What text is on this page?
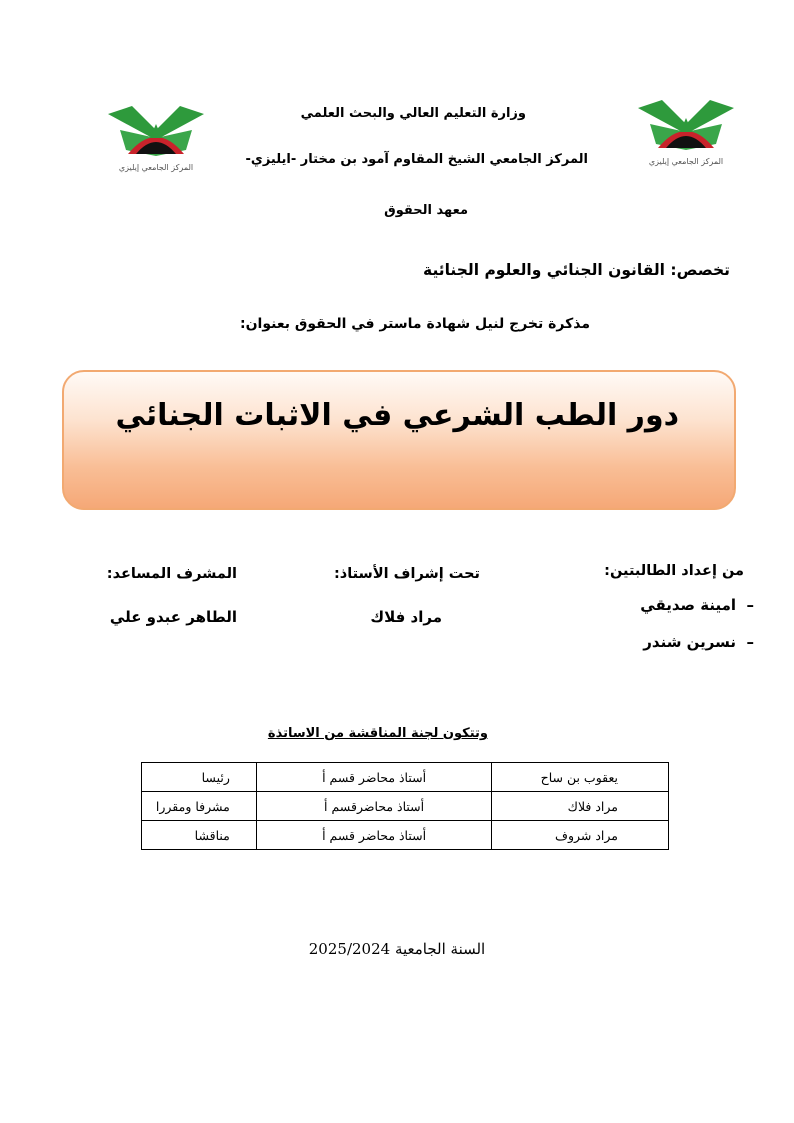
المركز الجامعي إيليزي
المركز الجامعي إيليزي
وزارة التعليم العالي والبحث العلمي
المركز الجامعي الشيخ المقاوم آمود بن مختار -ايليزي-
معهد الحقوق
تخصص: القانون الجنائي والعلوم الجنائية
مذكرة تخرج لنيل شهادة ماستر في الحقوق بعنوان:
دور الطب الشرعي في الاثبات الجنائي
من إعداد الطالبتين:
–  امينة صديقي
–  نسرين شندر
تحت إشراف الأستاذ:
مراد فلاك
المشرف المساعد:
الطاهر عبدو علي
وتتكون لجنة المناقشة من الاساتذة
يعقوب بن ساح	أستاذ محاضر قسم أ	رئيسا
مراد فلاك	أستاذ محاضرقسم أ	مشرفا ومقررا
مراد شروف	أستاذ محاضر قسم أ	مناقشا
السنة الجامعية 2025/2024
